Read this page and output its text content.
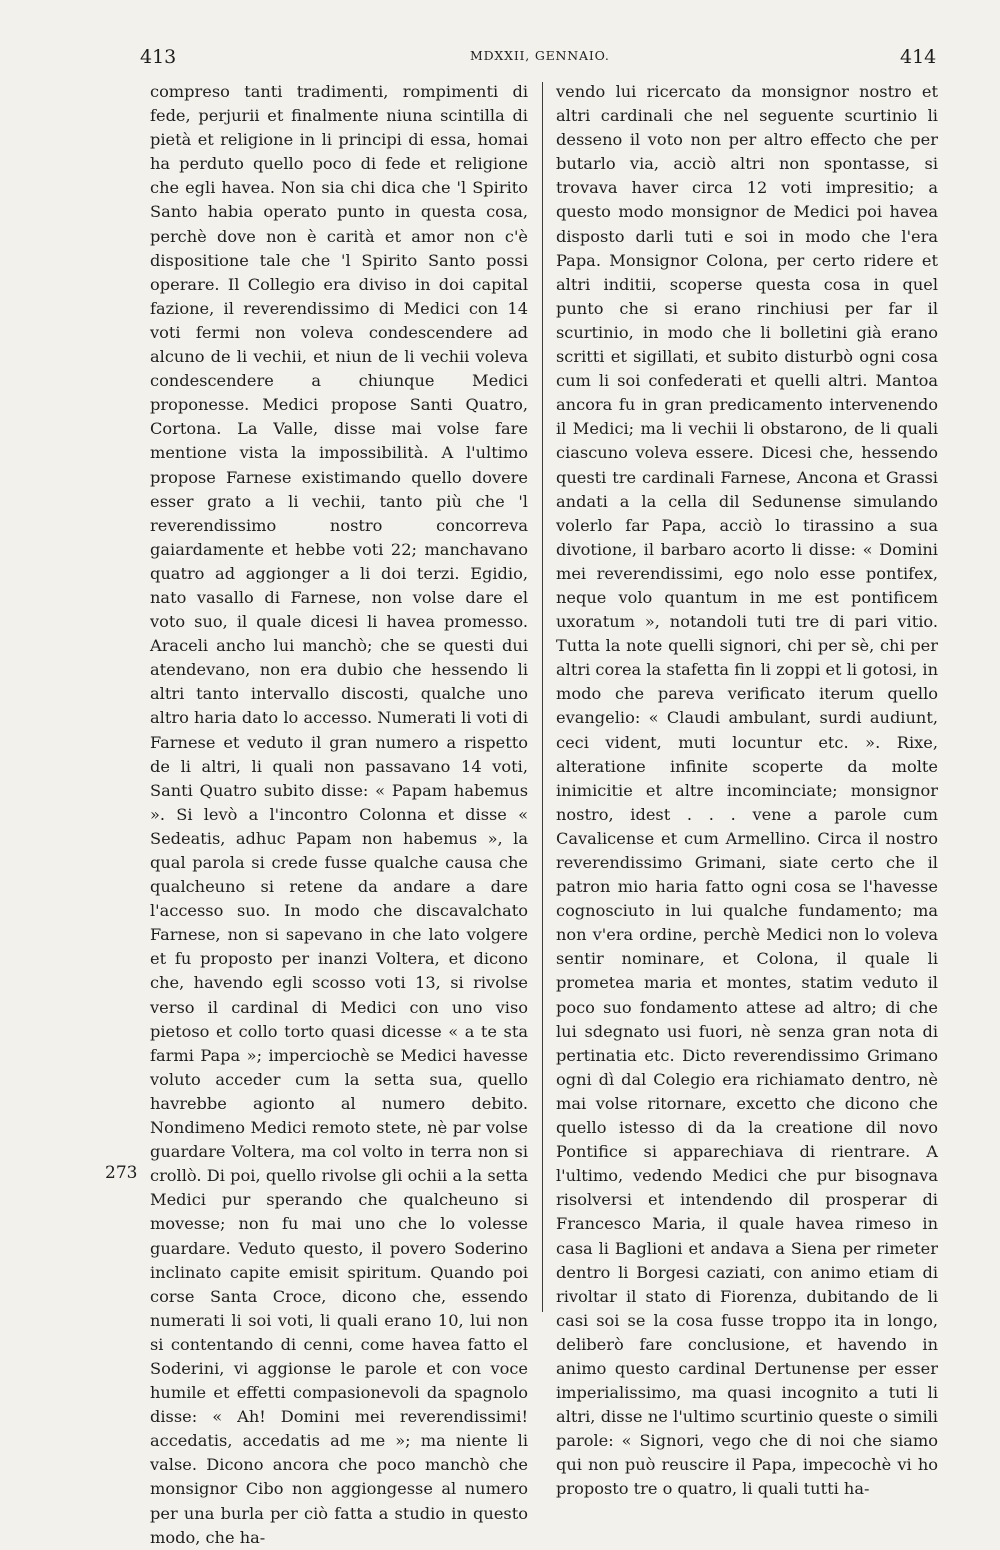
413	MDXXII, GENNAIO.	414
273

compreso tanti tradimenti, rompimenti di fede, perjurii et finalmente niuna scintilla di pietà et religione in li principi di essa, homai ha perduto quello poco di fede et religione che egli havea. Non sia chi dica che 'l Spirito Santo habia operato punto in questa cosa, perchè dove non è carità et amor non c'è dispositione tale che 'l Spirito Santo possi operare. Il Collegio era diviso in doi capital fazione, il reverendissimo di Medici con 14 voti fermi non voleva condescendere ad alcuno de li vechii, et niun de li vechii voleva condescendere a chiunque Medici proponesse. Medici propose Santi Quatro, Cortona. La Valle, disse mai volse fare mentione vista la impossibilità. A l'ultimo propose Farnese existimando quello dovere esser grato a li vechii, tanto più che 'l reverendissimo nostro concorreva gaiardamente et hebbe voti 22; manchavano quatro ad aggionger a li doi terzi. Egidio, nato vasallo di Farnese, non volse dare el voto suo, il quale dicesi li havea promesso. Araceli ancho lui manchò; che se questi dui atendevano, non era dubio che hessendo li altri tanto intervallo discosti, qualche uno altro haria dato lo accesso. Numerati li voti di Farnese et veduto il gran numero a rispetto de li altri, li quali non passavano 14 voti, Santi Quatro subito disse: « Papam habemus ». Si levò a l'incontro Colonna et disse « Sedeatis, adhuc Papam non habemus », la qual parola si crede fusse qualche causa che qualcheuno si retene da andare a dare l'accesso suo. In modo che discavalchato Farnese, non si sapevano in che lato volgere et fu proposto per inanzi Voltera, et dicono che, havendo egli scosso voti 13, si rivolse verso il cardinal di Medici con uno viso pietoso et collo torto quasi dicesse « a te sta farmi Papa »; imperciochè se Medici havesse voluto acceder cum la setta sua, quello havrebbe agionto al numero debito. Nondimeno Medici remoto stete, nè par volse guardare Voltera, ma col volto in terra non si crollò. Di poi, quello rivolse gli ochii a la setta Medici pur sperando che qualcheuno si movesse; non fu mai uno che lo volesse guardare. Veduto questo, il povero Soderino inclinato capite emisit spiritum. Quando poi corse Santa Croce, dicono che, essendo numerati li soi voti, li quali erano 10, lui non si contentando di cenni, come havea fatto el Soderini, vi aggionse le parole et con voce humile et effetti compasionevoli da spagnolo disse: « Ah! Domini mei reverendissimi! accedatis, accedatis ad me »; ma niente li valse. Dicono ancora che poco manchò che monsignor Cibo non aggiongesse al numero per una burla per ciò fatta a studio in questo modo, che ha-

vendo lui ricercato da monsignor nostro et altri cardinali che nel seguente scurtinio li desseno il voto non per altro effecto che per butarlo via, acciò altri non spontasse, si trovava haver circa 12 voti impresitio; a questo modo monsignor de Medici poi havea disposto darli tuti e soi in modo che l'era Papa. Monsignor Colona, per certo ridere et altri inditii, scoperse questa cosa in quel punto che si erano rinchiusi per far il scurtinio, in modo che li bolletini già erano scritti et sigillati, et subito disturbò ogni cosa cum li soi confederati et quelli altri. Mantoa ancora fu in gran predicamento intervenendo il Medici; ma li vechii li obstarono, de li quali ciascuno voleva essere. Dicesi che, hessendo questi tre cardinali Farnese, Ancona et Grassi andati a la cella dil Sedunense simulando volerlo far Papa, acciò lo tirassino a sua divotione, il barbaro acorto li disse: « Domini mei reverendissimi, ego nolo esse pontifex, neque volo quantum in me est pontificem uxoratum », notandoli tuti tre di pari vitio. Tutta la note quelli signori, chi per sè, chi per altri corea la stafetta fin li zoppi et li gotosi, in modo che pareva verificato iterum quello evangelio: « Claudi ambulant, surdi audiunt, ceci vident, muti locuntur etc. ». Rixe, alteratione infinite scoperte da molte inimicitie et altre incominciate; monsignor nostro, idest . . . vene a parole cum Cavalicense et cum Armellino. Circa il nostro reverendissimo Grimani, siate certo che il patron mio haria fatto ogni cosa se l'havesse cognosciuto in lui qualche fundamento; ma non v'era ordine, perchè Medici non lo voleva sentir nominare, et Colona, il quale li prometea maria et montes, statim veduto il poco suo fondamento attese ad altro; di che lui sdegnato usi fuori, nè senza gran nota di pertinatia etc. Dicto reverendissimo Grimano ogni dì dal Colegio era richiamato dentro, nè mai volse ritornare, excetto che dicono che quello istesso di da la creatione dil novo Pontifice si apparechiava di rientrare. A l'ultimo, vedendo Medici che pur bisognava risolversi et intendendo dil prosperar di Francesco Maria, il quale havea rimeso in casa li Baglioni et andava a Siena per rimeter dentro li Borgesi caziati, con animo etiam di rivoltar il stato di Fiorenza, dubitando de li casi soi se la cosa fusse troppo ita in longo, deliberò fare conclusione, et havendo in animo questo cardinal Dertunense per esser imperialissimo, ma quasi incognito a tuti li altri, disse ne l'ultimo scurtinio queste o simili parole: « Signori, vego che di noi che siamo qui non può reuscire il Papa, impecochè vi ho proposto tre o quatro, li quali tutti ha-
